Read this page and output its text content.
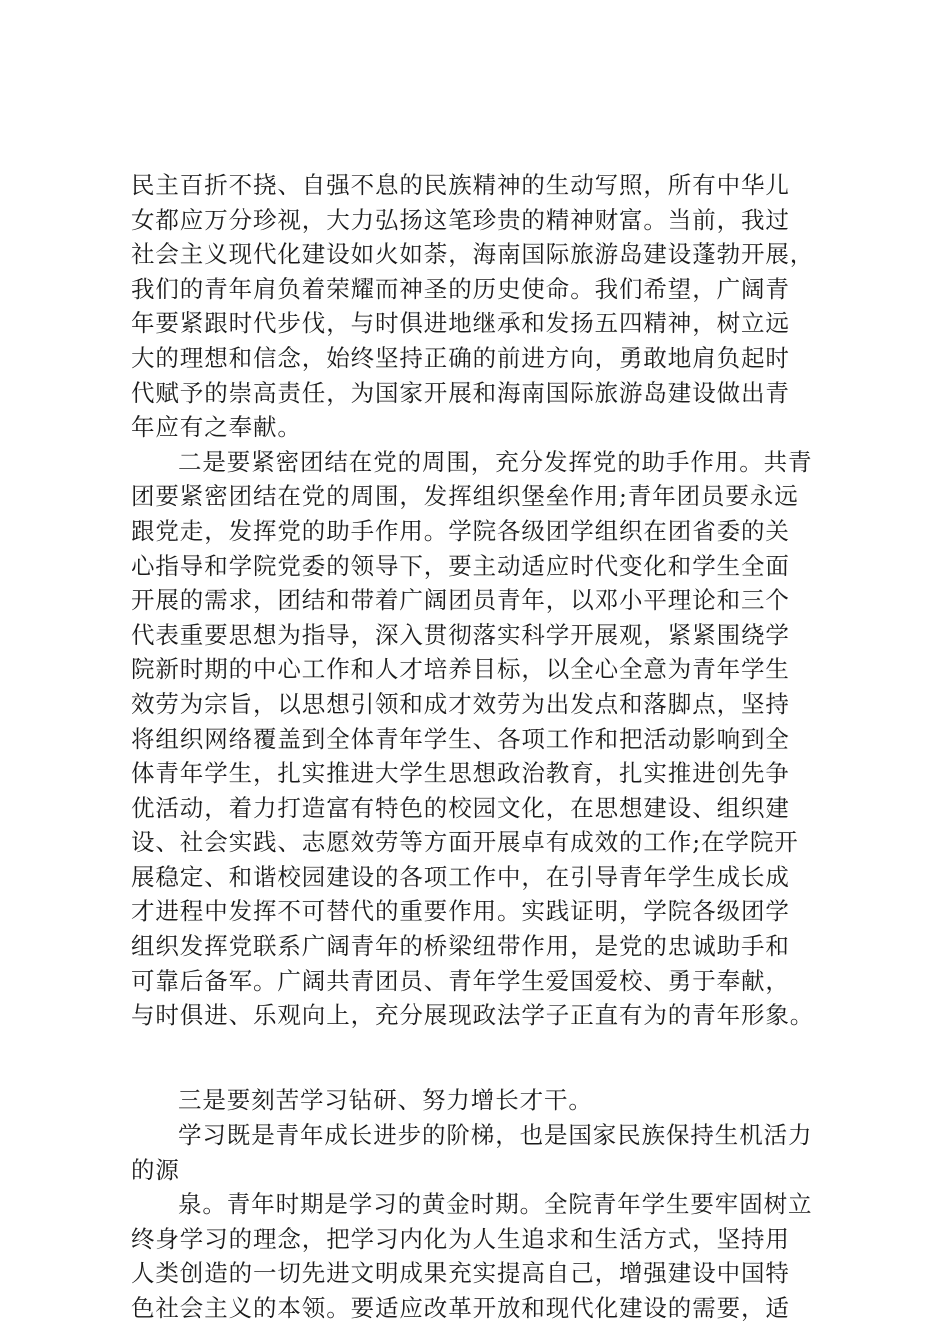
民主百折不挠、自强不息的民族精神的生动写照，所有中华儿
女都应万分珍视，大力弘扬这笔珍贵的精神财富。当前，我过
社会主义现代化建设如火如荼，海南国际旅游岛建设蓬勃开展，
我们的青年肩负着荣耀而神圣的历史使命。我们希望，广阔青
年要紧跟时代步伐，与时俱进地继承和发扬五四精神，树立远
大的理想和信念，始终坚持正确的前进方向，勇敢地肩负起时
代赋予的崇高责任，为国家开展和海南国际旅游岛建设做出青
年应有之奉献。
二是要紧密团结在党的周围，充分发挥党的助手作用。共青
团要紧密团结在党的周围，发挥组织堡垒作用;青年团员要永远
跟党走，发挥党的助手作用。学院各级团学组织在团省委的关
心指导和学院党委的领导下，要主动适应时代变化和学生全面
开展的需求，团结和带着广阔团员青年，以邓小平理论和三个
代表重要思想为指导，深入贯彻落实科学开展观，紧紧围绕学
院新时期的中心工作和人才培养目标，以全心全意为青年学生
效劳为宗旨，以思想引领和成才效劳为出发点和落脚点，坚持
将组织网络覆盖到全体青年学生、各项工作和把活动影响到全
体青年学生，扎实推进大学生思想政治教育，扎实推进创先争
优活动，着力打造富有特色的校园文化，在思想建设、组织建
设、社会实践、志愿效劳等方面开展卓有成效的工作;在学院开
展稳定、和谐校园建设的各项工作中，在引导青年学生成长成
才进程中发挥不可替代的重要作用。实践证明，学院各级团学
组织发挥党联系广阔青年的桥梁纽带作用，是党的忠诚助手和
可靠后备军。广阔共青团员、青年学生爱国爱校、勇于奉献，
与时俱进、乐观向上，充分展现政法学子正直有为的青年形象。
三是要刻苦学习钻研、努力增长才干。
学习既是青年成长进步的阶梯，也是国家民族保持生机活力
的源
泉。青年时期是学习的黄金时期。全院青年学生要牢固树立
终身学习的理念，把学习内化为人生追求和生活方式，坚持用
人类创造的一切先进文明成果充实提高自己，增强建设中国特
色社会主义的本领。要适应改革开放和现代化建设的需要，适
